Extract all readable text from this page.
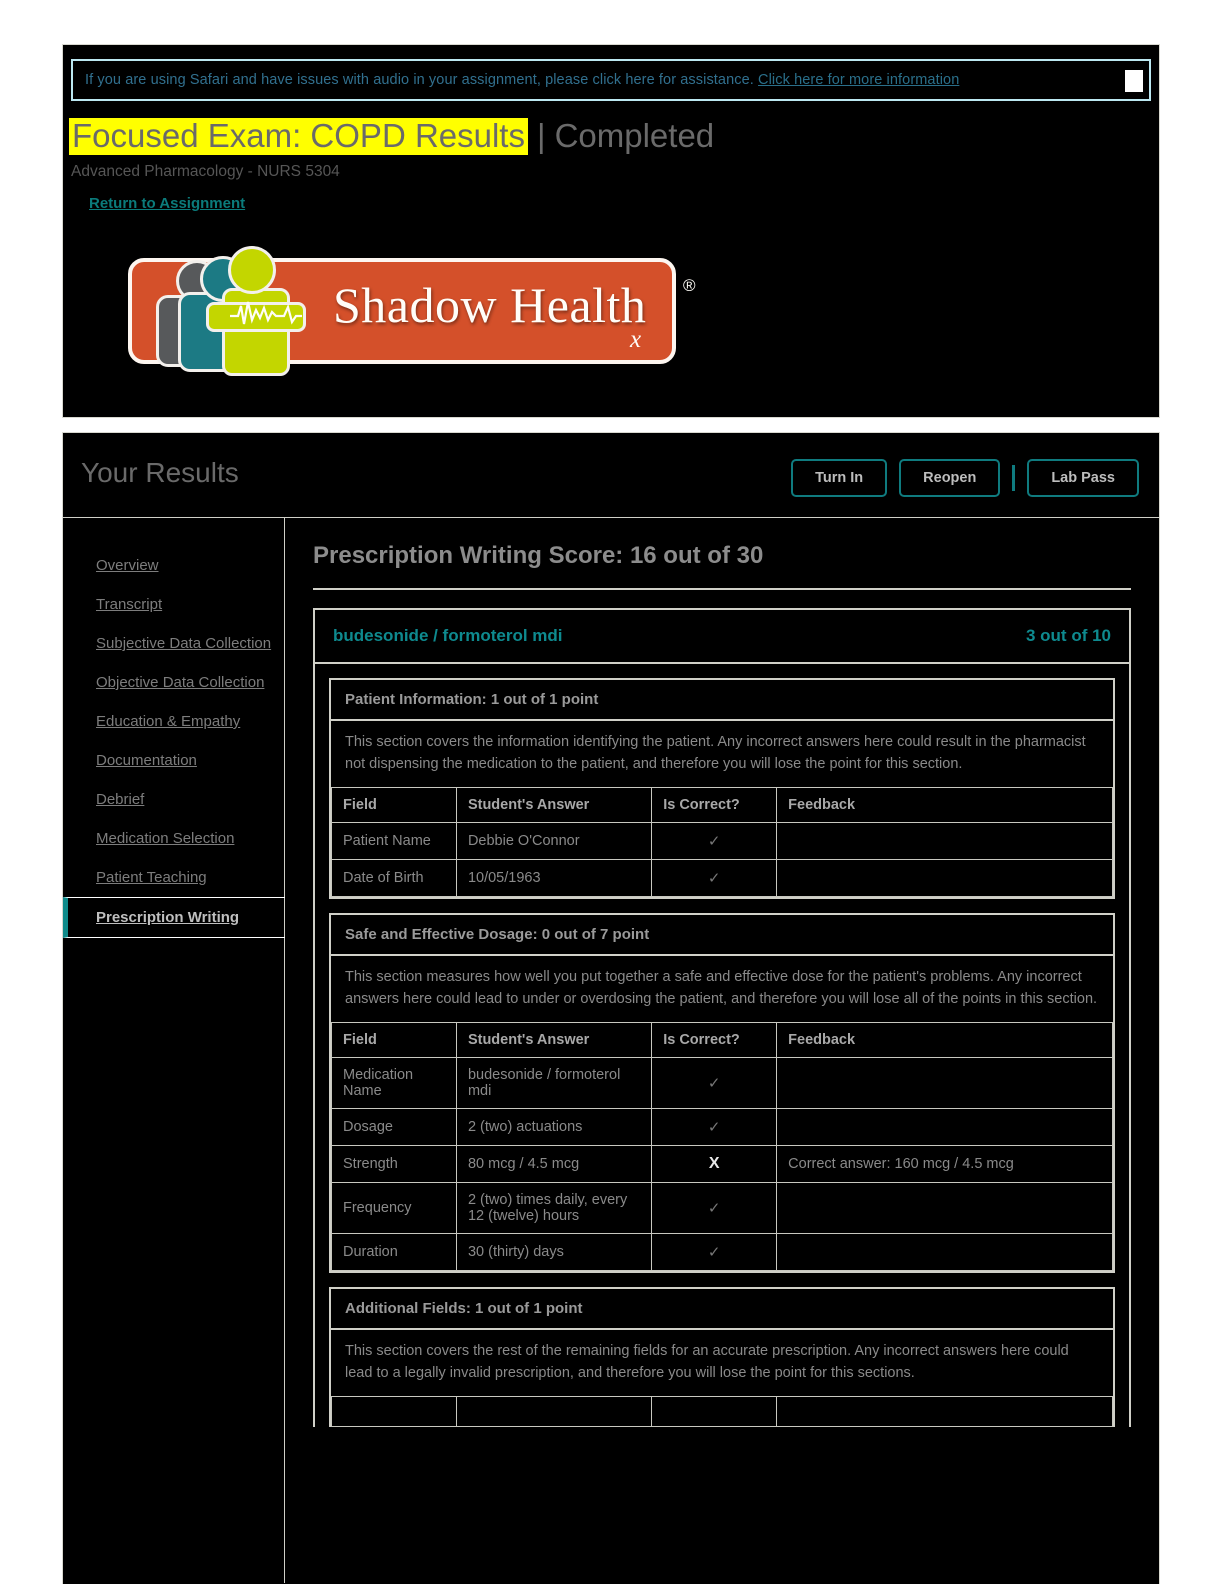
If you are using Safari and have issues with audio in your assignment, please click here for assistance. Click here for more information
Focused Exam: COPD Results | Completed
Advanced Pharmacology - NURS 5304
Return to Assignment
Shadow Health ®
x
Your Results	Turn In	Reopen	Lab Pass
Overview
Transcript
Subjective Data Collection
Objective Data Collection
Education & Empathy
Documentation
Debrief
Medication Selection
Patient Teaching
Prescription Writing
Prescription Writing Score: 16 out of 30
budesonide / formoterol mdi	3 out of 10
Patient Information: 1 out of 1 point
This section covers the information identifying the patient. Any incorrect answers here could result in the pharmacist not dispensing the medication to the patient, and therefore you will lose the point for this section.
Field	Student's Answer	Is Correct?	Feedback
Patient Name	Debbie O'Connor	✓	
Date of Birth	10/05/1963	✓	
Safe and Effective Dosage: 0 out of 7 point
This section measures how well you put together a safe and effective dose for the patient's problems. Any incorrect answers here could lead to under or overdosing the patient, and therefore you will lose all of the points in this section.
Field	Student's Answer	Is Correct?	Feedback
Medication Name	budesonide / formoterol mdi	✓	
Dosage	2 (two) actuations	✓	
Strength	80 mcg / 4.5 mcg	X	Correct answer: 160 mcg / 4.5 mcg
Frequency	2 (two) times daily, every 12 (twelve) hours	✓	
Duration	30 (thirty) days	✓	
Additional Fields: 1 out of 1 point
This section covers the rest of the remaining fields for an accurate prescription. Any incorrect answers here could lead to a legally invalid prescription, and therefore you will lose the point for this sections.
